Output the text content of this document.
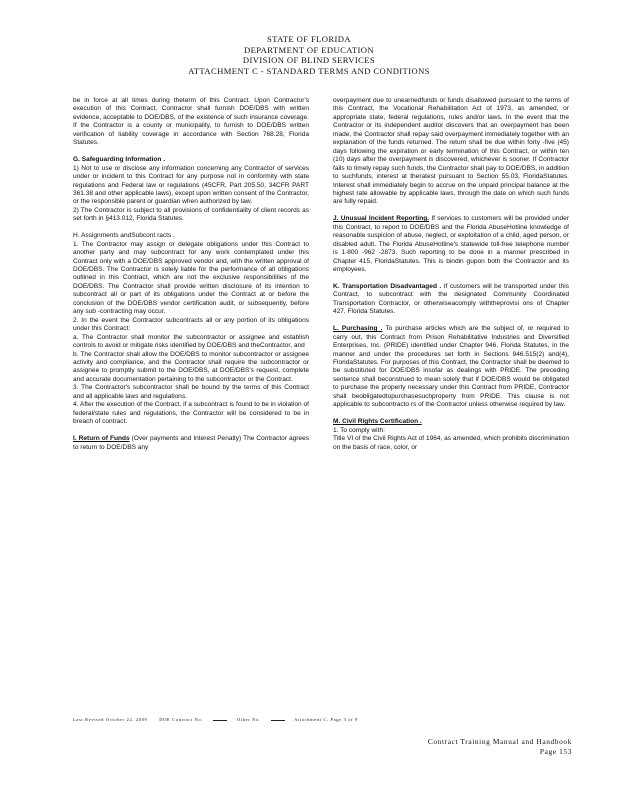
STATE OF FLORIDA
DEPARTMENT OF EDUCATION
DIVISION OF BLIND SERVICES
ATTACHMENT C - STANDARD TERMS AND CONDITIONS

be in force at all times during theterm of this Contract. Upon Contractor's execution of this Contract, Contractor shall furnish DOE/DBS with written evidence, acceptable to DOE/DBS, of the existence of such insurance coverage. If the Contractor is a county or municipality, to furnish to DOE/DBS written verification of liability coverage in accordance with Section 768.28, Florida Statutes.

G. Safeguarding Information .

1) Not to use or disclose any information concerning any Contractor of services under or incident to this Contract for any purpose not in conformity with state regulations and Federal law or regulations (45CFR, Part 205.50, 34CFR PART 361.38 and other applicable laws), except upon written consent of the Contractor, or the responsible parent or guardian when authorized by law.

2) The Contractor is subject to all provisions of confidentiality of client records as set forth in §413.012, Florida Statutes.

H. Assignments andSubcont racts .

1. The Contractor may assign or delegate obligations under this Contract to another party and may subcontract for any work contemplated under this Contract only with a DOE/DBS approved vendor and, with the written approval of DOE/DBS. The Contractor is solely liable for the performance of all obligations outlined in this Contract, which are not the exclusive responsibilities of the DOE/DBS. The Contractor shall provide written disclosure of its intention to subcontract all or part of its obligations under the Contract at or before the conclusion of the DOE/DBS vendor certification audit, or subsequently, before any sub -contracting may occur.

2. In the event the Contractor subcontracts all or any portion of its obligations under this Contract:

a. The Contractor shall monitor the subcontractor or assignee and establish controls to avoid or mitigate risks identified by DOE/DBS and theContractor, and

b. The Contractor shall allow the DOE/DBS to monitor subcontractor or assignee activity and compliance, and the Contractor shall require the subcontractor or assignee to promptly submit to the DOE/DBS, at DOE/DBS's request, complete and accurate documentation pertaining to the subcontractor or the Contract.

3. The Contractor's subcontractor shall be bound by the terms of this Contract and all applicable laws and regulations.

4. After the execution of the Contract, if a subcontract is found to be in violation of federal/state rules and regulations, the Contractor will be considered to be in breach of contract.

I. Return of Funds (Over payments and Interest Penalty) The Contractor agrees to return to DOE/DBS any

overpayment due to unearnedfunds or funds disallowed pursuant to the terms of this Contract, the Vocational Rehabilitation Act of 1973, as amended, or appropriate state, federal regulations, rules and/or laws. In the event that the Contractor or its independent auditor discovers that an overpayment has been made, the Contractor shall repay said overpayment immediately together with an explanation of the funds returned. The return shall be due within forty -five (45) days following the expiration or early termination of this Contract, or within ten (10) days after the overpayment is discovered, whichever is sooner. If Contractor fails to timely repay such funds, the Contractor shall pay to DOE/DBS, in addition to suchfunds, interest at theratest pursuant to Section 55.03, FloridaStatutes. Interest shall immediately begin to accrue on the unpaid principal balance at the highest rate allowable by applicable laws, through the date on which such funds are fully repaid.

J. Unusual Incident Reporting. If services to customers will be provided under this Contract, to report to DOE/DBS and the Florida AbuseHotline knowledge of reasonable suspicion of abuse, neglect, or exploitation of a child, aged person, or disabled adult. The Florida AbuseHotline's statewide toll-free telephone number is 1-800 -962 -2873. Such reporting to be done in a manner prescribed in Chapter 415, FloridaStatutes. This is bindin gupon both the Contractor and its employees.

K. Transportation Disadvantaged . If customers will be transported under this Contract, to subcontract with the designated Community Coordinated Transportation Contractor, or otherwiseacomply withtheprovisi ons of Chapter 427, Florida Statutes.

L. Purchasing . To purchase articles which are the subject of, or required to carry out, this Contract from Prison Rehabilitative Industries and Diversified Enterprises, Inc. (PRIDE) identified under Chapter 946, Florida Statutes, in the manner and under the procedures set forth in Sections 946.515(2) and(4), FloridaStatutes. For purposes of this Contract, the Contractor shall be deemed to be substituted for DOE/DBS insofar as dealings with PRIDE. The preceding sentence shall beconstrued to mean solely that if DOE/DBS would be obligated to purchase the property necessary under this Contract from PRIDE, Contractor shall beobligatedtopurchasesuchproperty from PRIDE. This clause is not applicable to subcontracto rs of the Contractor unless otherwise required by law.

M. Civil Rights Certification .

1. To comply with:

Title VI of the Civil Rights Act of 1964, as amended, which prohibits discrimination on the basis of race, color, or

Last Revised October 22, 2009	DOE Contract No.	Other No.	Attachment C, Page 3 of 9
Contract Training Manual and Handbook
Page 153
